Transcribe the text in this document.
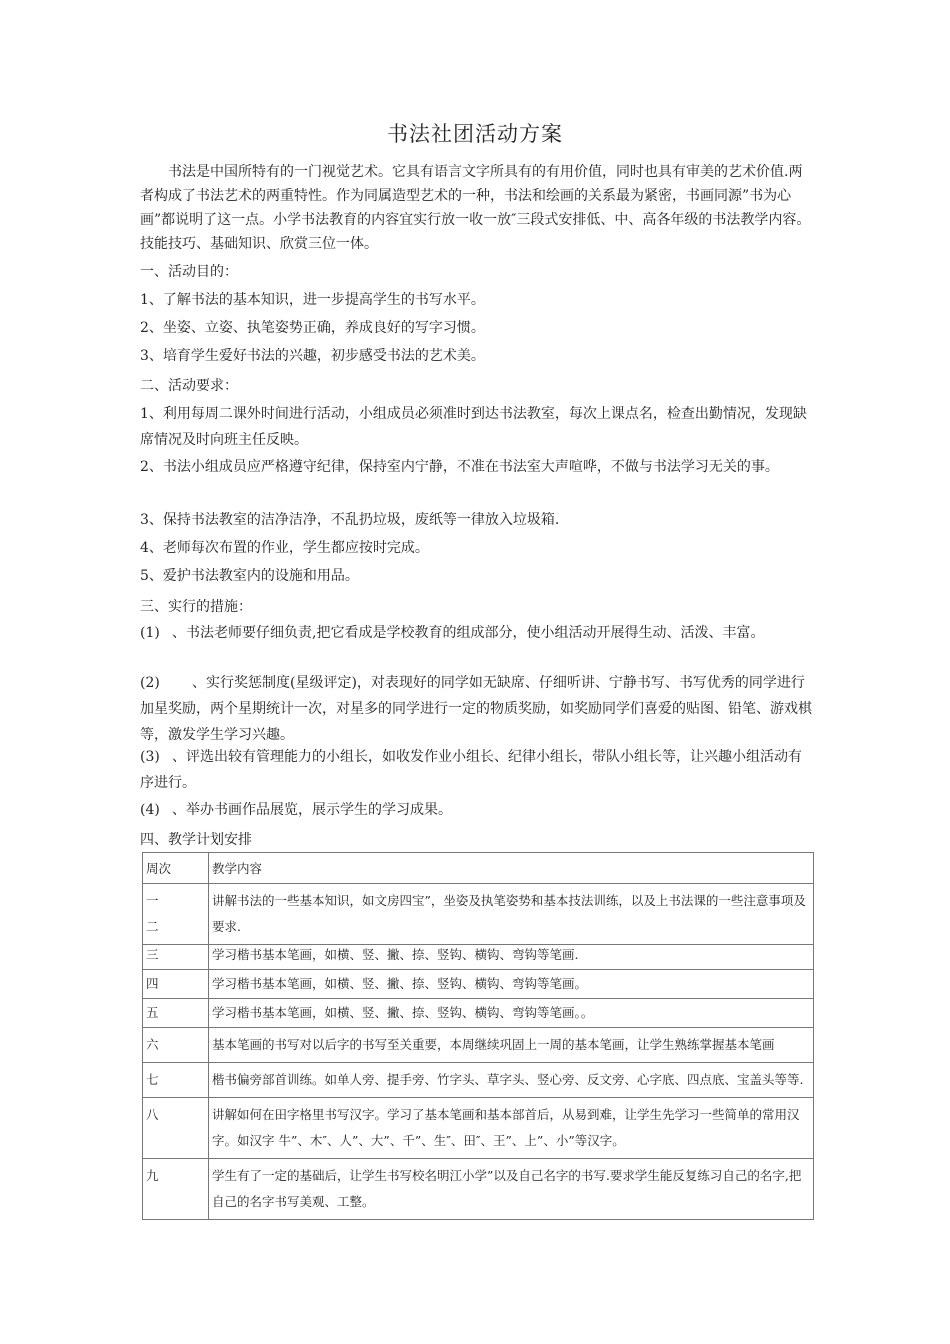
书法社团活动方案
书法是中国所特有的一门视觉艺术。它具有语言文字所具有的有用价值，同时也具有审美的艺术价值.两者构成了书法艺术的两重特性。作为同属造型艺术的一种，书法和绘画的关系最为紧密，书画同源”书为心画”都说明了这一点。小学书法教育的内容宜实行放一收一放″三段式安排低、中、高各年级的书法教学内容。技能技巧、基础知识、欣赏三位一体。
一、活动目的：
1、了解书法的基本知识，进一步提高学生的书写水平。
2、坐姿、立姿、执笔姿势正确，养成良好的写字习惯。
3、培育学生爱好书法的兴趣，初步感受书法的艺术美。
二、活动要求：
1、利用每周二课外时间进行活动，小组成员必须准时到达书法教室，每次上课点名，检查出勤情况，发现缺席情况及时向班主任反映。
2、书法小组成员应严格遵守纪律，保持室内宁静，不准在书法室大声喧哗，不做与书法学习无关的事。
3、保持书法教室的洁净洁净，不乱扔垃圾，废纸等一律放入垃圾箱.
4、老师每次布置的作业，学生都应按时完成。
5、爱护书法教室内的设施和用品。
三、实行的措施：
(1) 、书法老师要仔细负责,把它看成是学校教育的组成部分，使小组活动开展得生动、活泼、丰富。
(2) 、实行奖惩制度(星级评定)，对表现好的同学如无缺席、仔细听讲、宁静书写、书写优秀的同学进行加星奖励，两个星期统计一次，对星多的同学进行一定的物质奖励，如奖励同学们喜爱的贴图、铅笔、游戏棋等，激发学生学习兴趣。
(3) 、评选出较有管理能力的小组长，如收发作业小组长、纪律小组长，带队小组长等，让兴趣小组活动有序进行。
(4) 、举办书画作品展览，展示学生的学习成果。
四、教学计划安排
周次	教学内容
一
二	讲解书法的一些基本知识，如文房四宝”，坐姿及执笔姿势和基本技法训练，以及上书法课的一些注意事项及要求.
三	学习楷书基本笔画，如横、竖、撇、捺、竖钩、横钩、弯钩等笔画.
四	学习楷书基本笔画，如横、竖、撇、捺、竖钩、横钩、弯钩等笔画。
五	学习楷书基本笔画，如横、竖、撇、捺、竖钩、横钩、弯钩等笔画。。
六	基本笔画的书写对以后字的书写至关重要，本周继续巩固上一周的基本笔画，让学生熟练掌握基本笔画
七	楷书偏旁部首训练。如单人旁、提手旁、竹字头、草字头、竖心旁、反文旁、心字底、四点底、宝盖头等等.
八	讲解如何在田字格里书写汉字。学习了基本笔画和基本部首后，从易到难，让学生先学习一些简单的常用汉字。如汉字 牛”、木″、人”、大”、千”、生″、田″、王”、上”、小”等汉字。
九	学生有了一定的基础后，让学生书写校名明江小学”以及自己名字的书写.要求学生能反复练习自己的名字,把自己的名字书写美观、工整。
